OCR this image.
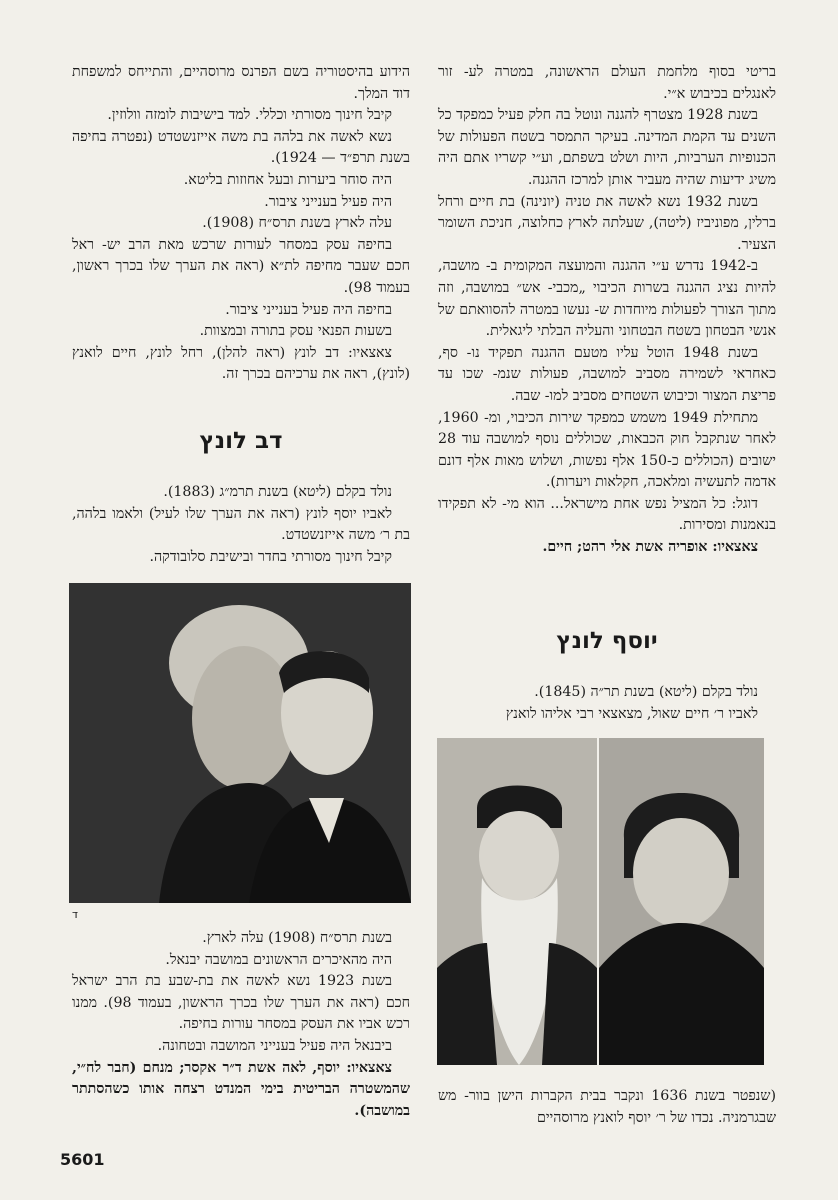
בריטי בסוף מלחמת העולם הראשונה, במטרה לע- זור לאנגלים בכיבוש א״י.

בשנת 1928 מצטרף להגנה ונוטל בה חלק פעיל כמפקד כל השנים עד הקמת המדינה. בעיקר התמסר בשטח הפעולות של הכנופיות הערביות, היות ושלט בשפתם, וע״י קשריו אתם היה משיג ידיעות שהיה מעביר אותן למרכז ההגנה.

בשנת 1932 נשא לאשה את טניה (יונינה) בת חיים ורחל ברלין, מפוניביז (ליטה), שעלתה לארץ כחלוצה, חניכת השומר הצעיר.

ב-1942 נדרש ע״י ההגנה והמועצה המקומית ב- מושבה, להיות נציג ההגנה בשרות הכיבוי „מכבי- אש״ במושבה, וזה מתוך הצורך לפעולות מיוחדות ש- נעשו במטרה להסוואתם של אנשי הבטחון בשטח הבטחוני והעליה הבלתי ליגאלית.

בשנת 1948 הוטל עליו מטעם ההגנה תפקיד נו- סף, כאחראי לשמירה מסביב למושבה, פעולות שנמ- שכו עד פריצת המצור וכיבוש השטחים מסביב למו- שבה.

מתחילת 1949 משמש כמפקד שירות הכיבוי, ומ- 1960, לאחר שנתקבל חוק הכבאות, שכוללים נוסף למושבה עוד 28 ישובים (הכוללים כ-150 אלף נפשות, ושלוש מאות אלף דונם אדמה לתעשיה ומלאכה, חקלאות ויערות).

דוגל: כל המציל נפש אחת מישראל... הוא מי- לא תפקידו בנאמנות ומסירות.

צאצאיו: אופריה אשת אלי רהט; חיים.

הידוע בהיסטוריה בשם הפרנס מרוסהיים, והתייחס למשפחת דוד המלך.

קיבל חינוך מסורתי וכללי. למד בישיבות לומזה וולוזין.

נשא לאשה את בלהה בת משה אייזנשטדט (נפטרה בחיפה בשנת תרפ״ד — 1924).

היה סוחר ביערות ובעל אחוזות בליטא.

היה פעיל בענייני ציבור.

עלה לארץ בשנת תרס״ח (1908).

בחיפה עסק במסחר לעורות שרכש מאת הרב יש- ראל חכם שעבר מחיפה לת״א (ראה את הערך שלו בכרך ראשון, בעמוד 98).

בחיפה היה פעיל בענייני ציבור.

בשעות הפנאי עסק בתורה ובמצוות.

צאצאיו: דב לונץ (ראה להלן), רחל לונץ, חיים לואנץ (לונץ), ראה את ערכיהם בכרך זה.

דב לונץ

נולד בקלם (ליטא) בשנת תרמ״ג (1883).

לאביו יוסף לונץ (ראה את הערך שלו לעיל) ולאמו בלהה, בת ר׳ משה אייזנשטדט.

קיבל חינוך מסורתי בחדר ובישיבת סלובודקה.

ד

בשנת תרס״ח (1908) עלה לארץ.

היה מהאיכרים הראשונים במושבה יבנאל.

בשנת 1923 נשא לאשה את בת-שבע בת הרב ישראל חכם (ראה את הערך שלו בכרך הראשון, בעמוד 98). ממנו רכש אביו את העסק במסחר עורות בחיפה.

ביבנאל היה פעיל בענייני המושבה ובטחונה.

צאצאיו: יוסף, לאה אשת ד״ר אקסר; מנחם (חבר לח״י, שהמשטרה הבריטית בימי המנדט רצחה אותו כשהסתתר במושבה).

יוסף לונץ

נולד בקלם (ליטא) בשנת תר״ה (1845).

לאביו ר׳ חיים שאול, מצאצאי רבי אליהו לואנץ

(שנפטר בשנת 1636 ונקבר בבית הקברות הישן בוור- מש שבגרמניה. נכדו של ר׳ יוסף לואנץ מרוסהיים

5601
